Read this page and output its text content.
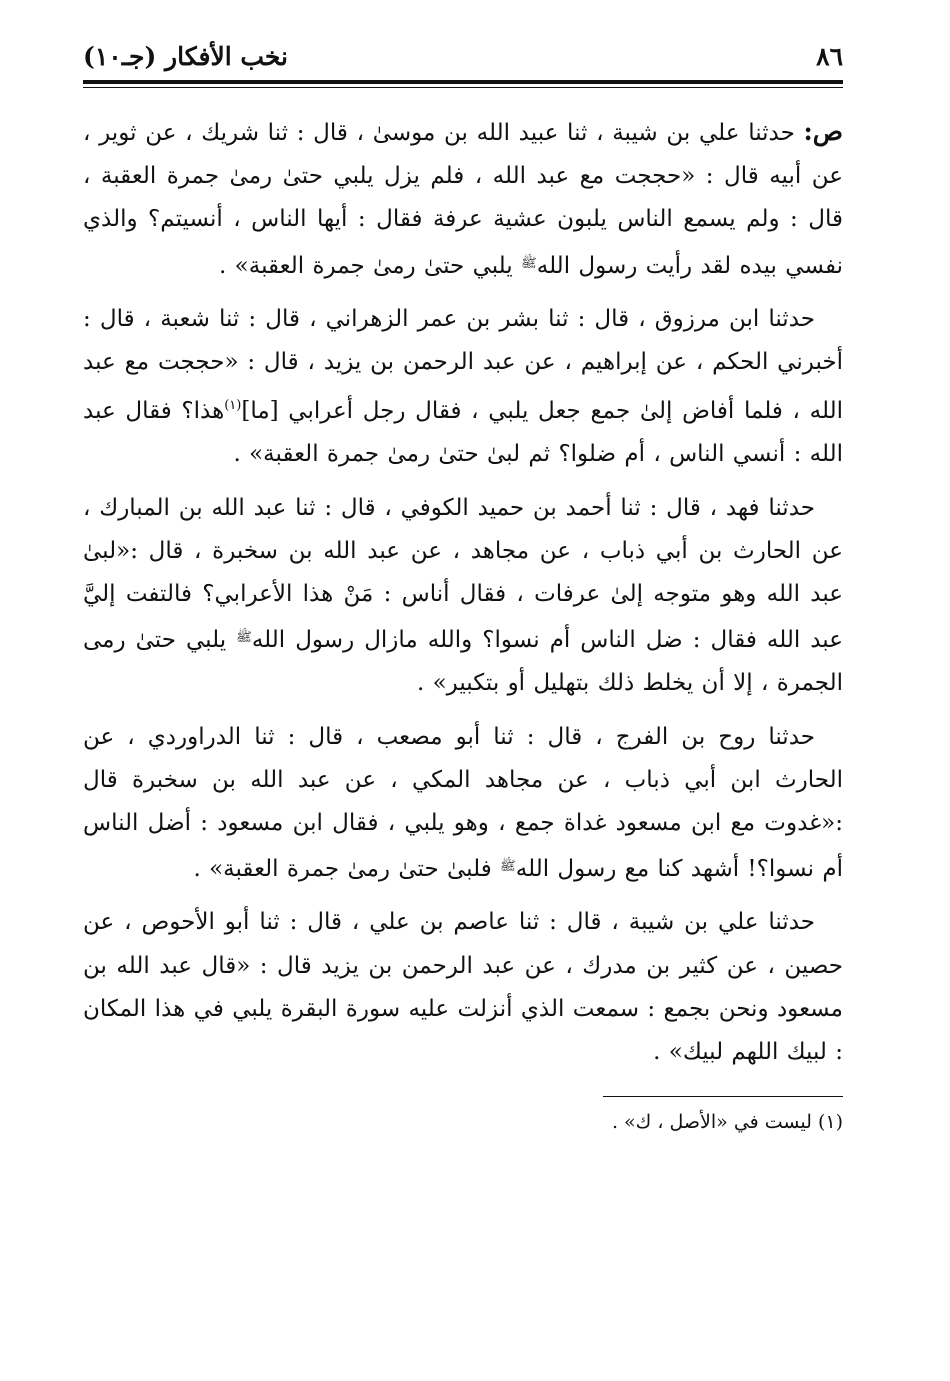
٨٦
نخب الأفكار (جـ١٠)

ص: حدثنا علي بن شيبة ، ثنا عبيد الله بن موسىٰ ، قال : ثنا شريك ، عن ثوير ، عن أبيه قال : «حججت مع عبد الله ، فلم يزل يلبي حتىٰ رمىٰ جمرة العقبة ، قال : ولم يسمع الناس يلبون عشية عرفة فقال : أيها الناس ، أنسيتم؟ والذي نفسي بيده لقد رأيت رسول الله$^ﷺ$ يلبي حتىٰ رمىٰ جمرة العقبة» .

حدثنا ابن مرزوق ، قال : ثنا بشر بن عمر الزهراني ، قال : ثنا شعبة ، قال : أخبرني الحكم ، عن إبراهيم ، عن عبد الرحمن بن يزيد ، قال : «حججت مع عبد الله ، فلما أفاض إلىٰ جمع جعل يلبي ، فقال رجل أعرابي [ما]$^{(١)}$هذا؟ فقال عبد الله : أنسي الناس ، أم ضلوا؟ ثم لبىٰ حتىٰ رمىٰ جمرة العقبة» .

حدثنا فهد ، قال : ثنا أحمد بن حميد الكوفي ، قال : ثنا عبد الله بن المبارك ، عن الحارث بن أبي ذباب ، عن مجاهد ، عن عبد الله بن سخبرة ، قال :«لبىٰ عبد الله وهو متوجه إلىٰ عرفات ، فقال أناس : مَنْ هذا الأعرابي؟ فالتفت إليَّ عبد الله فقال : ضل الناس أم نسوا؟ والله مازال رسول الله$^ﷺ$ يلبي حتىٰ رمى الجمرة ، إلا أن يخلط ذلك بتهليل أو بتكبير» .

حدثنا روح بن الفرج ، قال : ثنا أبو مصعب ، قال : ثنا الدراوردي ، عن الحارث ابن أبي ذباب ، عن مجاهد المكي ، عن عبد الله بن سخبرة قال :«غدوت مع ابن مسعود غداة جمع ، وهو يلبي ، فقال ابن مسعود : أضل الناس أم نسوا؟! أشهد كنا مع رسول الله$^ﷺ$ فلبىٰ حتىٰ رمىٰ جمرة العقبة» .

حدثنا علي بن شيبة ، قال : ثنا عاصم بن علي ، قال : ثنا أبو الأحوص ، عن حصين ، عن كثير بن مدرك ، عن عبد الرحمن بن يزيد قال : «قال عبد الله بن مسعود ونحن بجمع : سمعت الذي أنزلت عليه سورة البقرة يلبي في هذا المكان : لبيك اللهم لبيك» .

(١) ليست في «الأصل ، ك» .
